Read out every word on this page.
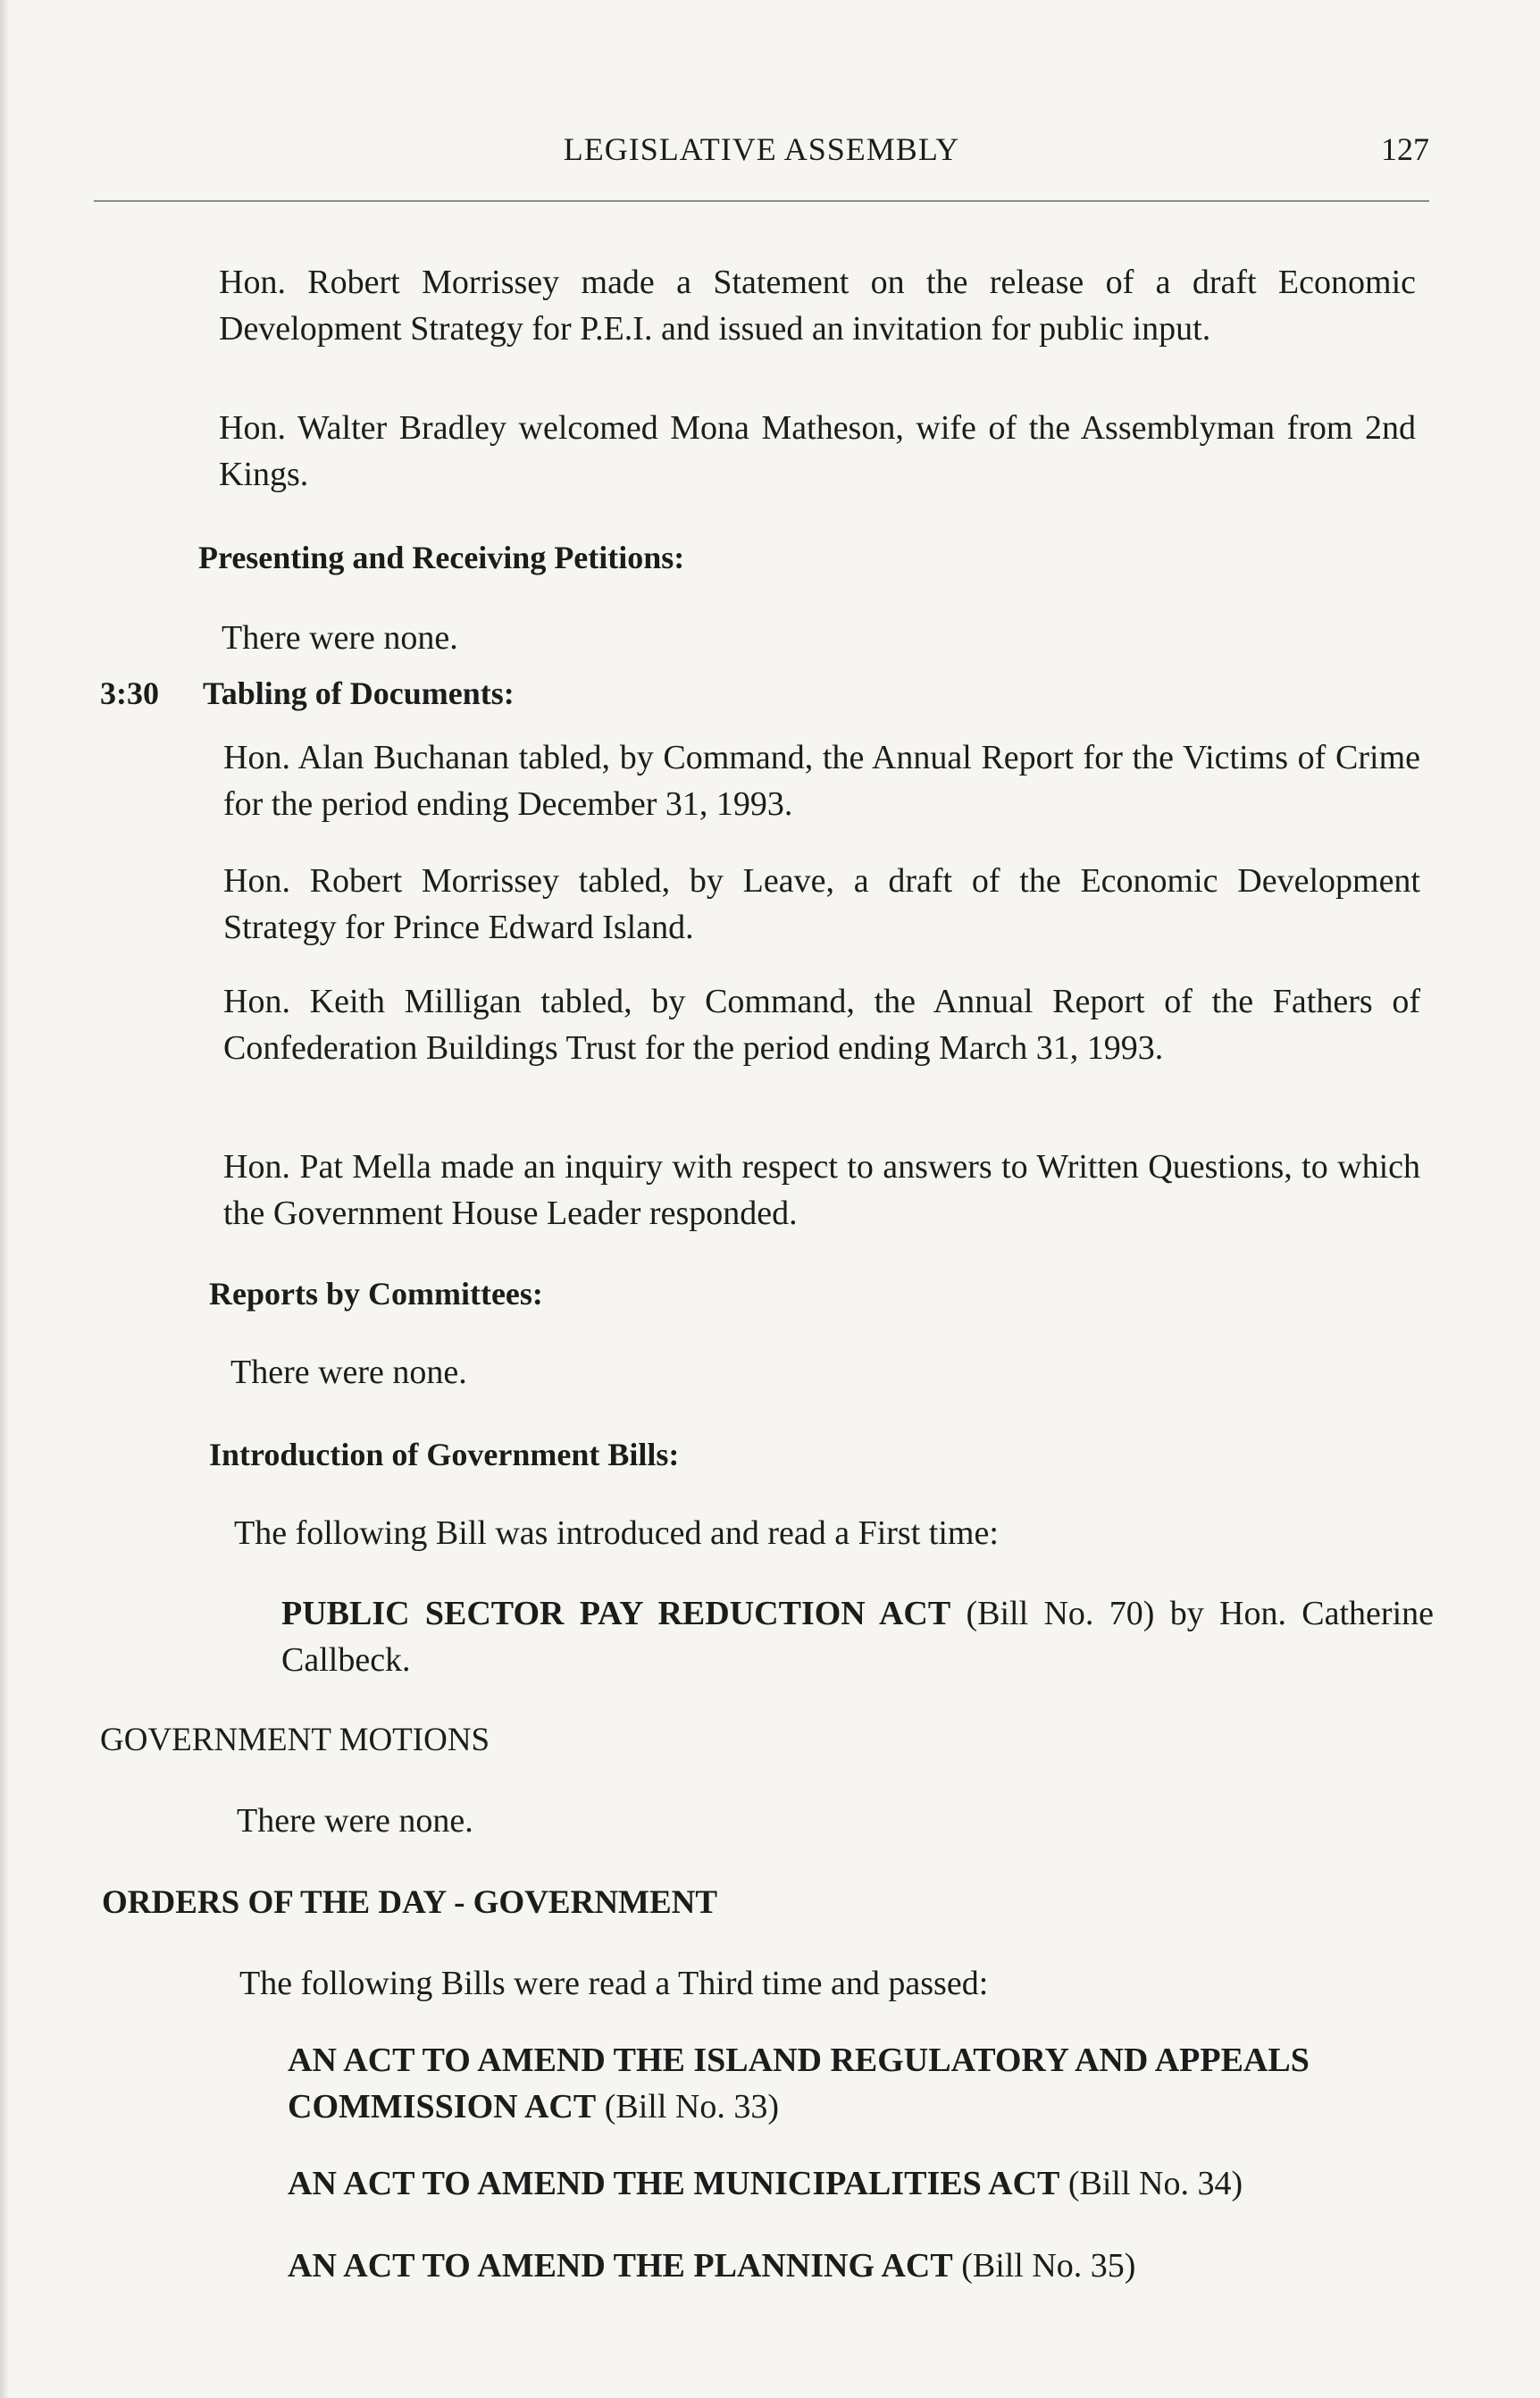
LEGISLATIVE ASSEMBLY	127

Hon. Robert Morrissey made a Statement on the release of a draft Economic Development Strategy for P.E.I. and issued an invitation for public input.

Hon. Walter Bradley welcomed Mona Matheson, wife of the Assemblyman from 2nd Kings.

Presenting and Receiving Petitions:

There were none.

3:30 Tabling of Documents:

Hon. Alan Buchanan tabled, by Command, the Annual Report for the Victims of Crime for the period ending December 31, 1993.

Hon. Robert Morrissey tabled, by Leave, a draft of the Economic Development Strategy for Prince Edward Island.

Hon. Keith Milligan tabled, by Command, the Annual Report of the Fathers of Confederation Buildings Trust for the period ending March 31, 1993.

Hon. Pat Mella made an inquiry with respect to answers to Written Questions, to which the Government House Leader responded.

Reports by Committees:

There were none.

Introduction of Government Bills:

The following Bill was introduced and read a First time:

PUBLIC SECTOR PAY REDUCTION ACT (Bill No. 70) by Hon. Catherine Callbeck.

GOVERNMENT MOTIONS

There were none.

ORDERS OF THE DAY - GOVERNMENT

The following Bills were read a Third time and passed:

AN ACT TO AMEND THE ISLAND REGULATORY AND APPEALS COMMISSION ACT (Bill No. 33)

AN ACT TO AMEND THE MUNICIPALITIES ACT (Bill No. 34)

AN ACT TO AMEND THE PLANNING ACT (Bill No. 35)
